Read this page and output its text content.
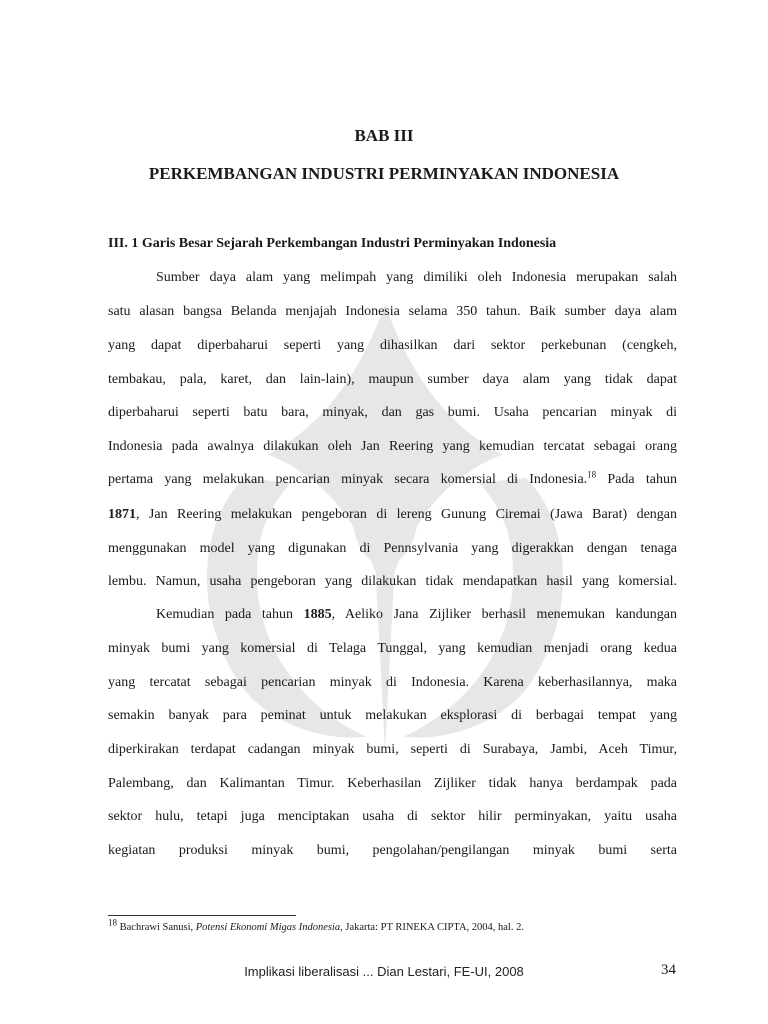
BAB III
PERKEMBANGAN INDUSTRI PERMINYAKAN INDONESIA
III. 1 Garis Besar Sejarah Perkembangan Industri Perminyakan Indonesia
Sumber daya alam yang melimpah yang dimiliki oleh Indonesia merupakan salah
satu alasan bangsa Belanda menjajah Indonesia selama 350 tahun. Baik sumber daya alam
yang dapat diperbaharui seperti yang dihasilkan dari sektor perkebunan (cengkeh,
tembakau, pala, karet, dan lain-lain), maupun sumber daya alam yang tidak dapat
diperbaharui seperti batu bara, minyak, dan gas bumi. Usaha pencarian minyak di
Indonesia pada awalnya dilakukan oleh Jan Reering yang kemudian tercatat sebagai orang
pertama yang melakukan pencarian minyak secara komersial di Indonesia.$^{18}$ Pada tahun
1871, Jan Reering melakukan pengeboran di lereng Gunung Ciremai (Jawa Barat) dengan
menggunakan model yang digunakan di Pennsylvania yang digerakkan dengan tenaga
lembu. Namun, usaha pengeboran yang dilakukan tidak mendapatkan hasil yang komersial.
Kemudian pada tahun 1885, Aeliko Jana Zijliker berhasil menemukan kandungan
minyak bumi yang komersial di Telaga Tunggal, yang kemudian menjadi orang kedua
yang tercatat sebagai pencarian minyak di Indonesia. Karena keberhasilannya, maka
semakin banyak para peminat untuk melakukan eksplorasi di berbagai tempat yang
diperkirakan terdapat cadangan minyak bumi, seperti di Surabaya, Jambi, Aceh Timur,
Palembang, dan Kalimantan Timur. Keberhasilan Zijliker tidak hanya berdampak pada
sektor hulu, tetapi juga menciptakan usaha di sektor hilir perminyakan, yaitu usaha
kegiatan produksi minyak bumi, pengolahan/pengilangan minyak bumi serta
$^{18}$ Bachrawi Sanusi, Potensi Ekonomi Migas Indonesia, Jakarta: PT RINEKA CIPTA, 2004, hal. 2.
Implikasi liberalisasi ... Dian Lestari, FE-UI, 2008	34
